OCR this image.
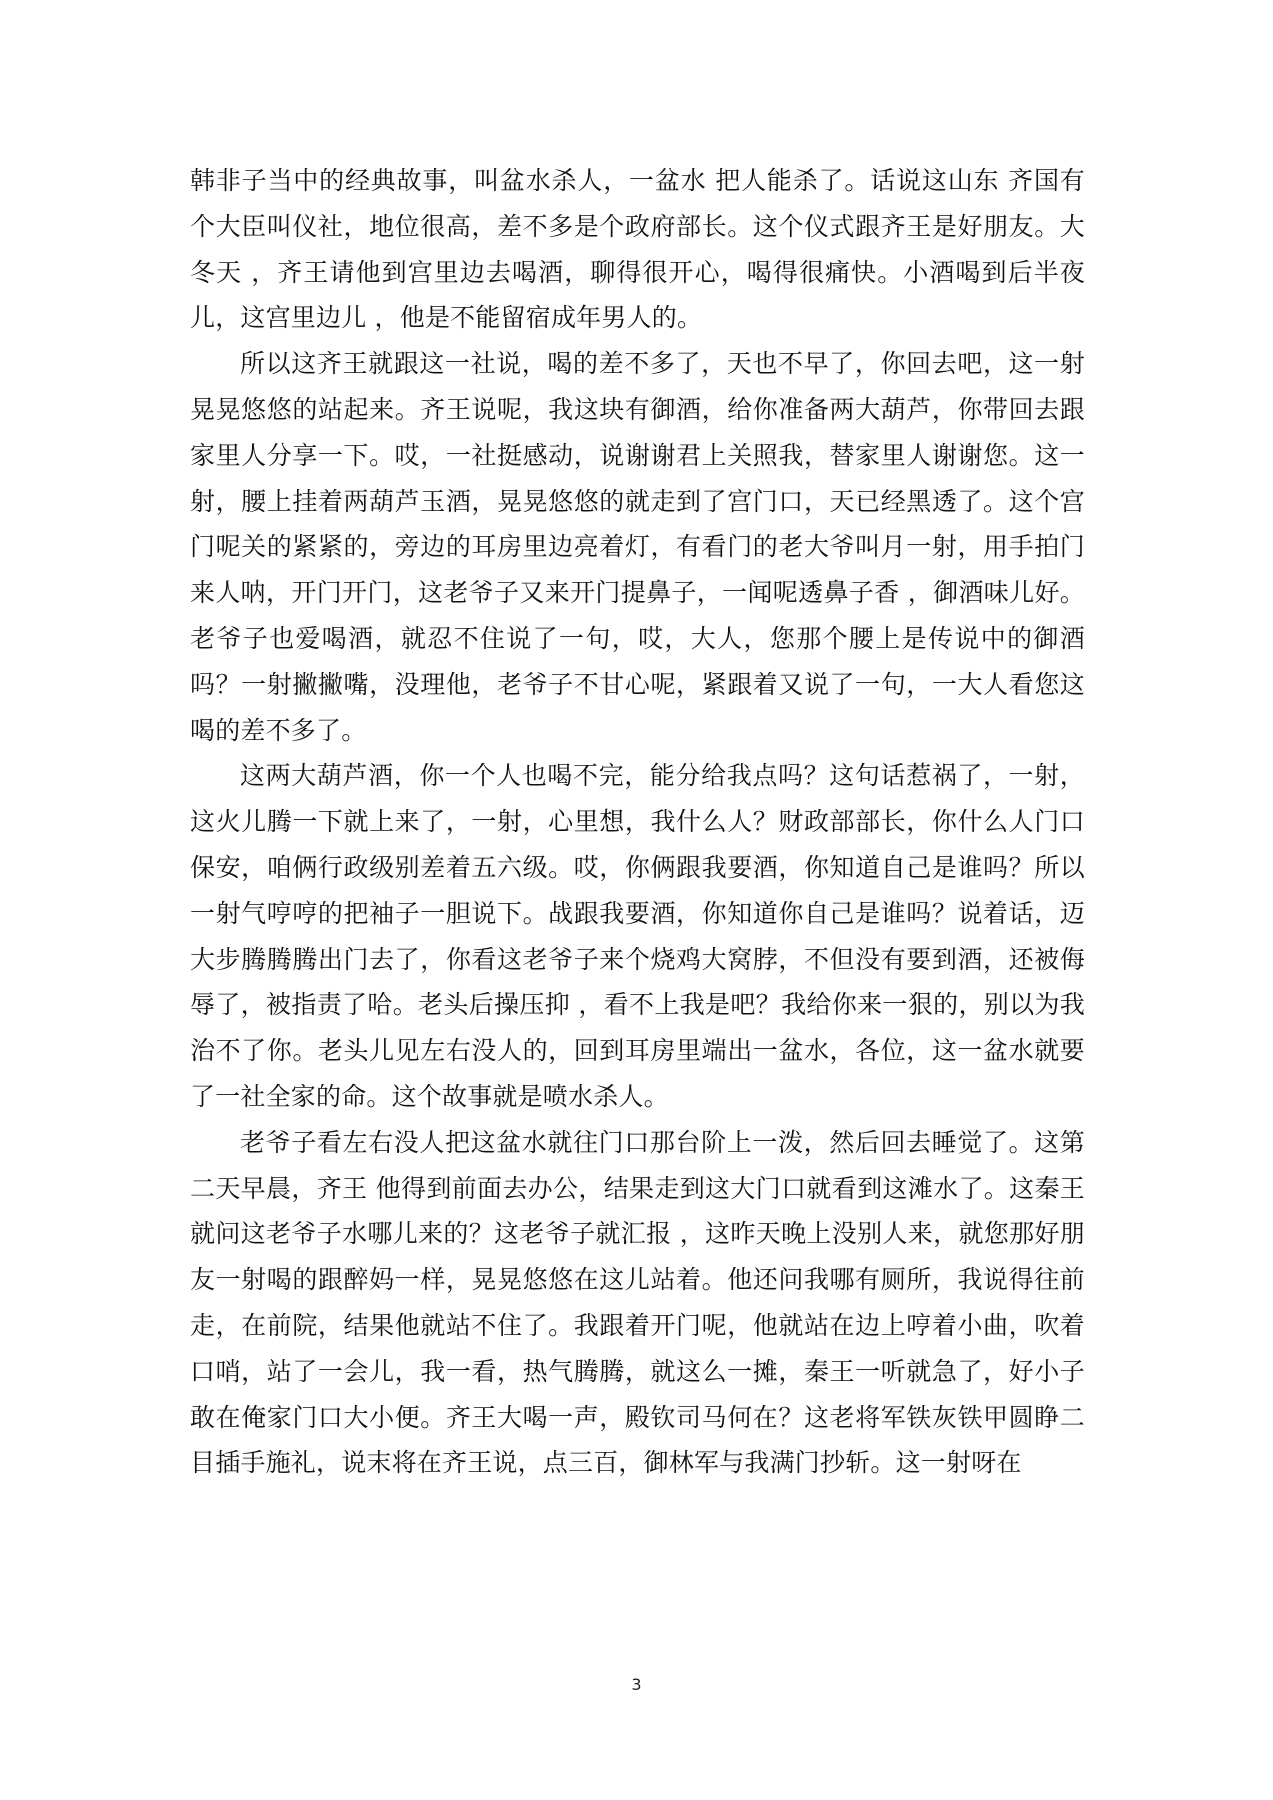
韩非子当中的经典故事，叫盆水杀人，一盆水 把人能杀了。话说这山东 齐国有个大臣叫仪社，地位很高，差不多是个政府部长。这个仪式跟齐王是好朋友。大冬天 ，齐王请他到宫里边去喝酒，聊得很开心，喝得很痛快。小酒喝到后半夜儿，这宫里边儿 ，他是不能留宿成年男人的。

所以这齐王就跟这一社说，喝的差不多了，天也不早了，你回去吧，这一射晃晃悠悠的站起来。齐王说呢，我这块有御酒，给你准备两大葫芦，你带回去跟家里人分享一下。哎，一社挺感动，说谢谢君上关照我，替家里人谢谢您。这一射，腰上挂着两葫芦玉酒，晃晃悠悠的就走到了宫门口，天已经黑透了。这个宫门呢关的紧紧的，旁边的耳房里边亮着灯，有看门的老大爷叫月一射，用手拍门来人呐，开门开门，这老爷子又来开门提鼻子，一闻呢透鼻子香 ，御酒味儿好。老爷子也爱喝酒，就忍不住说了一句，哎，大人，您那个腰上是传说中的御酒吗？一射撇撇嘴，没理他，老爷子不甘心呢，紧跟着又说了一句，一大人看您这喝的差不多了。

这两大葫芦酒，你一个人也喝不完，能分给我点吗？这句话惹祸了，一射，这火儿腾一下就上来了，一射，心里想，我什么人？财政部部长，你什么人门口保安，咱俩行政级别差着五六级。哎，你俩跟我要酒，你知道自己是谁吗？所以一射气哼哼的把袖子一胆说下。战跟我要酒，你知道你自己是谁吗？说着话，迈大步腾腾腾出门去了，你看这老爷子来个烧鸡大窝脖，不但没有要到酒，还被侮辱了，被指责了哈。老头后操压抑 ，看不上我是吧？我给你来一狠的，别以为我治不了你。老头儿见左右没人的，回到耳房里端出一盆水，各位，这一盆水就要了一社全家的命。这个故事就是喷水杀人。

老爷子看左右没人把这盆水就往门口那台阶上一泼，然后回去睡觉了。这第二天早晨，齐王 他得到前面去办公，结果走到这大门口就看到这滩水了。这秦王就问这老爷子水哪儿来的？这老爷子就汇报 ，这昨天晚上没别人来，就您那好朋友一射喝的跟醉妈一样，晃晃悠悠在这儿站着。他还问我哪有厕所，我说得往前走，在前院，结果他就站不住了。我跟着开门呢，他就站在边上哼着小曲，吹着口哨，站了一会儿，我一看，热气腾腾，就这么一摊，秦王一听就急了，好小子敢在俺家门口大小便。齐王大喝一声，殿钦司马何在？这老将军铁灰铁甲圆睁二目插手施礼，说末将在齐王说，点三百，御林军与我满门抄斩。这一射呀在

3
